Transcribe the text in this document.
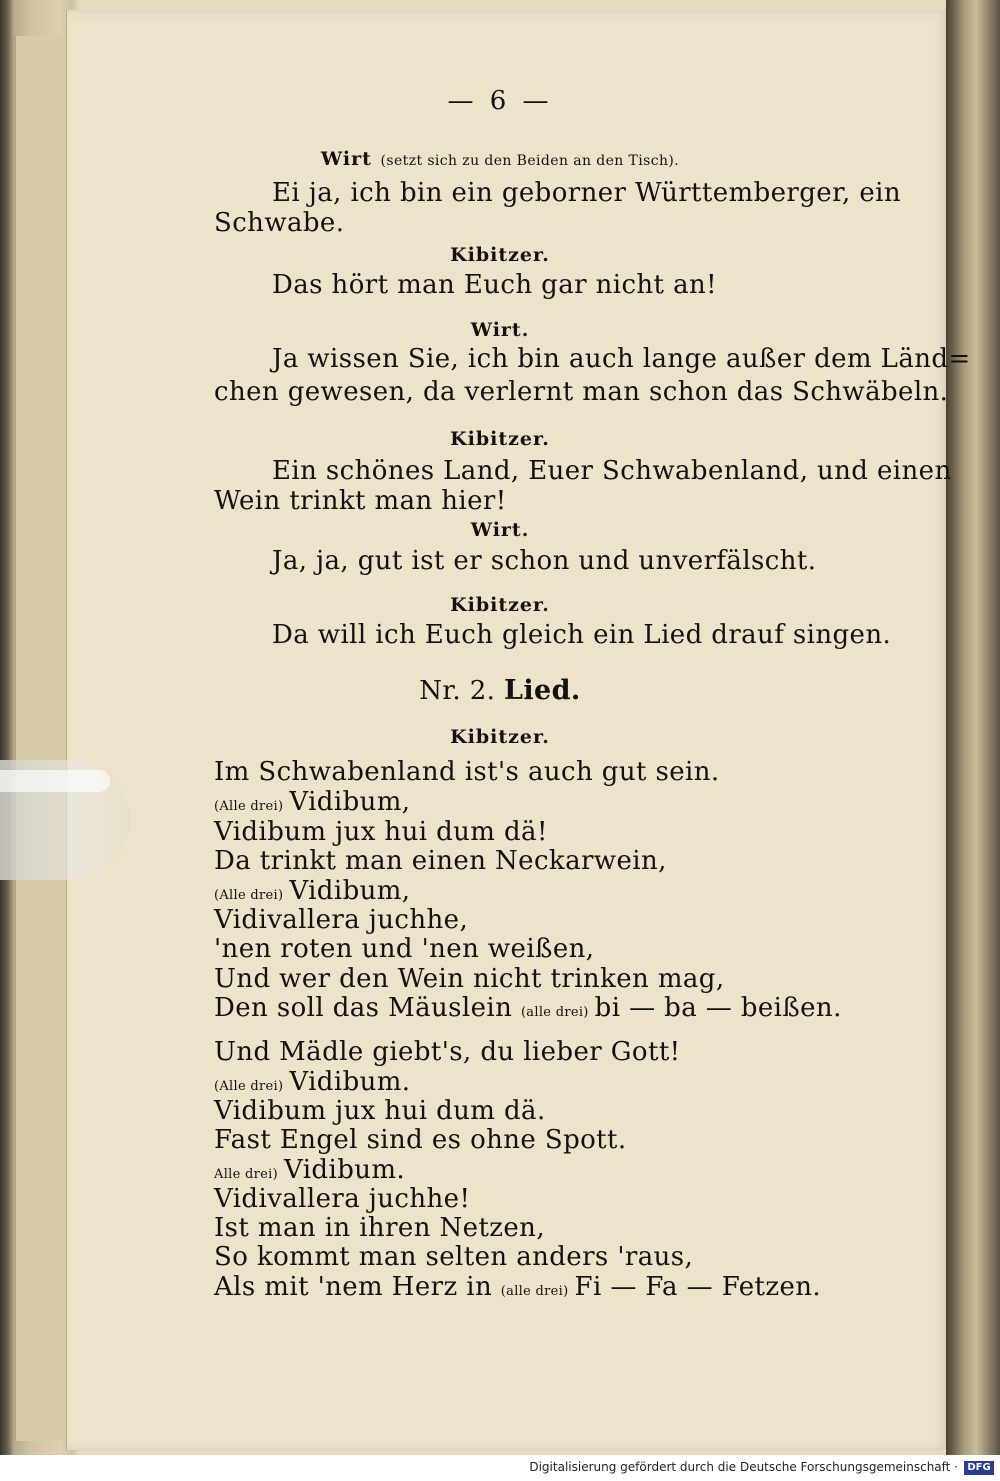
— 6 —
Wirt (setzt sich zu den Beiden an den Tisch).
Ei ja, ich bin ein geborner Württemberger, ein
Schwabe.
Kibitzer.
Das hört man Euch gar nicht an!
Wirt.
Ja wissen Sie, ich bin auch lange außer dem Länd=
chen gewesen, da verlernt man schon das Schwäbeln.
Kibitzer.
Ein schönes Land, Euer Schwabenland, und einen
Wein trinkt man hier!
Wirt.
Ja, ja, gut ist er schon und unverfälscht.
Kibitzer.
Da will ich Euch gleich ein Lied drauf singen.
Nr. 2. Lied.
Kibitzer.
Im Schwabenland ist's auch gut sein.
(Alle drei) Vidibum,
Vidibum jux hui dum dä!
Da trinkt man einen Neckarwein,
(Alle drei) Vidibum,
Vidivallera juchhe,
'nen roten und 'nen weißen,
Und wer den Wein nicht trinken mag,
Den soll das Mäuslein (alle drei) bi — ba — beißen.
Und Mädle giebt's, du lieber Gott!
(Alle drei) Vidibum.
Vidibum jux hui dum dä.
Fast Engel sind es ohne Spott.
Alle drei) Vidibum.
Vidivallera juchhe!
Ist man in ihren Netzen,
So kommt man selten anders 'raus,
Als mit 'nem Herz in (alle drei) Fi — Fa — Fetzen.
Digitalisierung gefördert durch die Deutsche Forschungsgemeinschaft · DFG
